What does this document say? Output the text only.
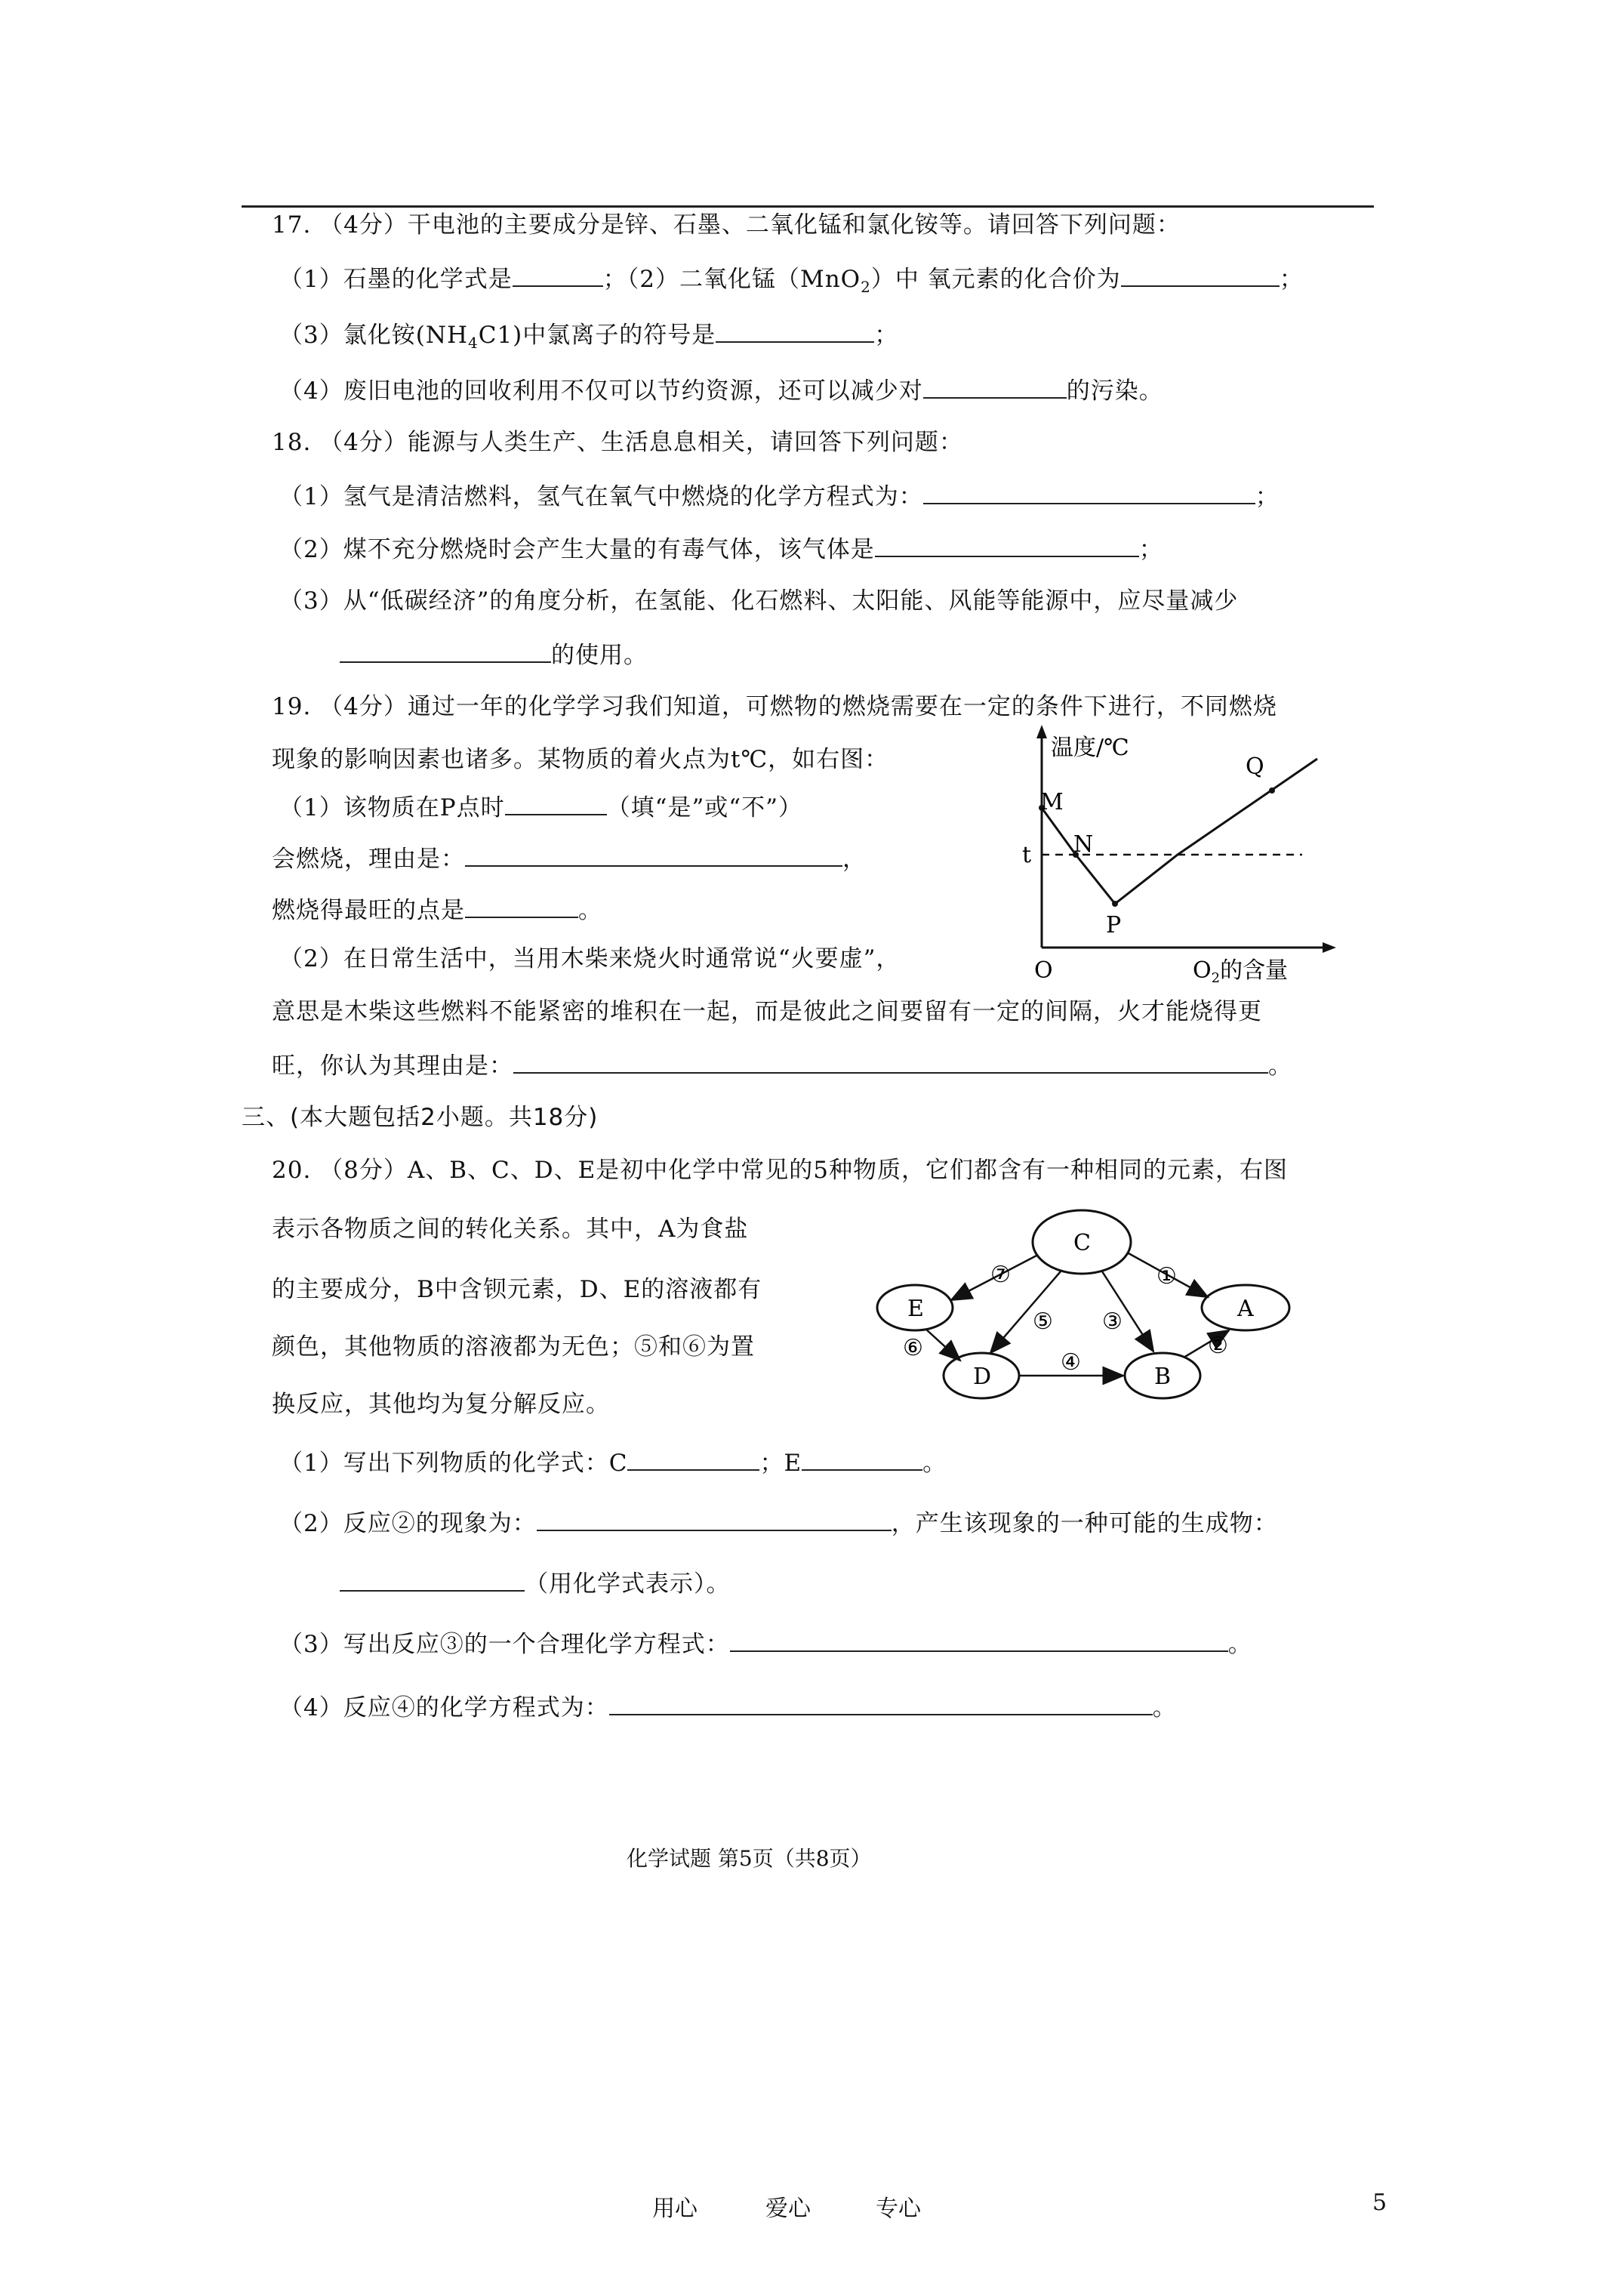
17. （4分）干电池的主要成分是锌、石墨、二氧化锰和氯化铵等。请回答下列问题：
（1）石墨的化学式是	；（2）二氧化锰（MnO$_2$）中 氧元素的化合价为	；
（3）氯化铵$(NH_4C1)$中氯离子的符号是	；
（4）废旧电池的回收利用不仅可以节约资源，还可以减少对	的污染。
18. （4分）能源与人类生产、生活息息相关，请回答下列问题：
（1）氢气是清洁燃料，氢气在氧气中燃烧的化学方程式为：	；
（2）煤不充分燃烧时会产生大量的有毒气体，该气体是	；
（3）从“低碳经济”的角度分析，在氢能、化石燃料、太阳能、风能等能源中，应尽量减少
的使用。
19. （4分）通过一年的化学学习我们知道，可燃物的燃烧需要在一定的条件下进行，不同燃烧
现象的影响因素也诸多。某物质的着火点为t℃，如右图：
（1）该物质在P点时	（填“是”或“不”）
会燃烧，理由是：	，
燃烧得最旺的点是	。
（2）在日常生活中，当用木柴来烧火时通常说“火要虚”，
意思是木柴这些燃料不能紧密的堆积在一起，而是彼此之间要留有一定的间隔，火才能烧得更
旺，你认为其理由是：	。
温度/℃
M
N
P
Q
t
O	$O_2$的含量
三、(本大题包括2小题。共18分)
20. （8分）A、B、C、D、E是初中化学中常见的5种物质，它们都含有一种相同的元素，右图
表示各物质之间的转化关系。其中，A为食盐
的主要成分，B中含钡元素，D、E的溶液都有
颜色，其他物质的溶液都为无色；⑤和⑥为置
换反应，其他均为复分解反应。
C
E	A
D	B
①
②
③
④
⑤
⑥
⑦
（1）写出下列物质的化学式：C	；E	。
（2）反应②的现象为：	，产生该现象的一种可能的生成物：
（用化学式表示）。
（3）写出反应③的一个合理化学方程式：	。
（4）反应④的化学方程式为：	。
化学试题 第5页（共8页）
用心	爱心	专心	5
